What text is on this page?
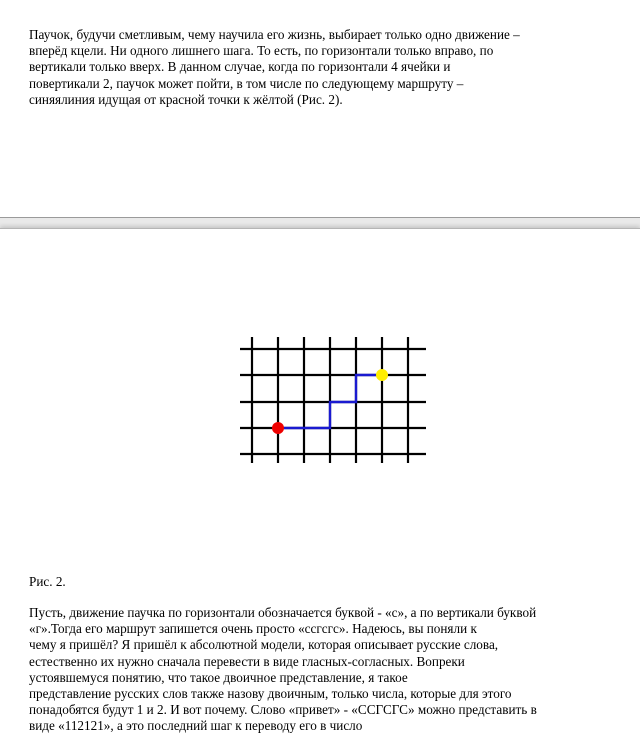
Паучок, будучи сметливым, чему научила его жизнь, выбирает только одно движение –
вперёд кцели. Ни одного лишнего шага. То есть, по горизонтали только вправо, по
вертикали только вверх. В данном случае, когда по горизонтали 4 ячейки и
повертикали 2, паучок может пойти, в том числе по следующему маршруту –
синяялиния идущая от красной точки к жёлтой (Рис. 2).

Рис. 2.

Пусть, движение паучка по горизонтали обозначается буквой - «с», а по вертикали буквой
«г».Тогда его маршрут запишется очень просто «ссгсгс». Надеюсь, вы поняли к
чему я пришёл? Я пришёл к абсолютной модели, которая описывает русские слова,
естественно их нужно сначала перевести в виде гласных-согласных. Вопреки
устоявшемуся понятию, что такое двоичное представление, я такое
представление русских слов также назову двоичным, только числа, которые для этого
понадобятся будут 1 и 2. И вот почему. Слово «привет» - «ССГСГС» можно представить в
виде «112121», а это последний шаг к переводу его в число
